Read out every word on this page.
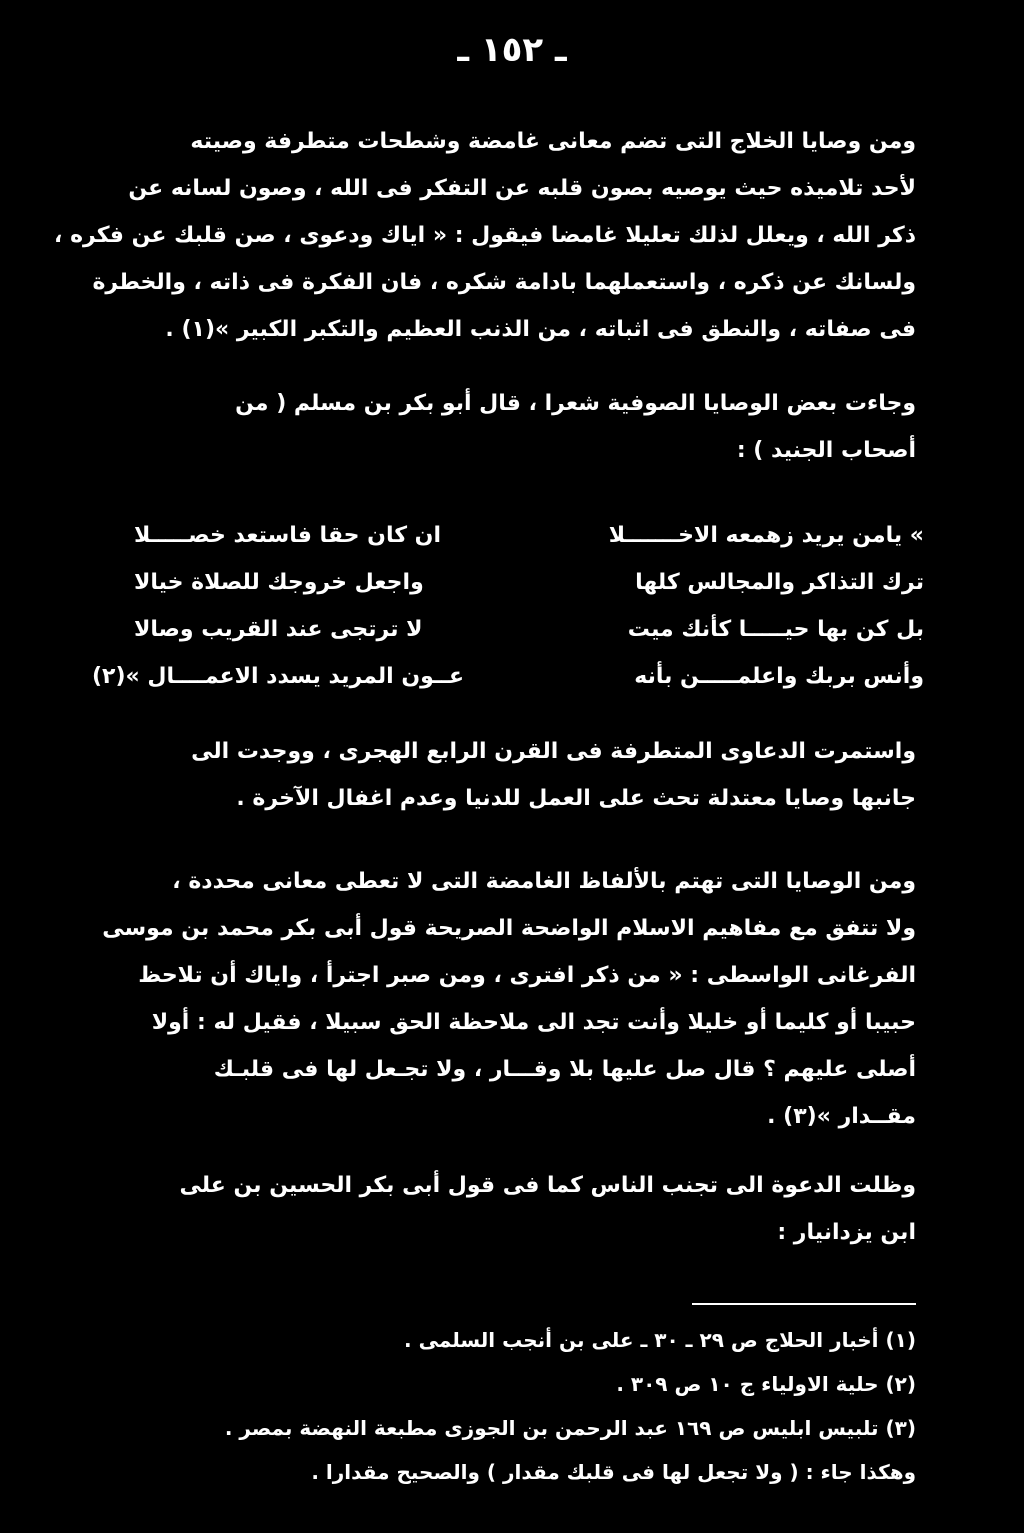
ـ ١٥٢ ـ

ومن وصايا الخلاج التى تضم معانى غامضة وشطحات متطرفة وصيته

لأحد تلاميذه حيث يوصيه بصون قلبه عن التفكر فى الله ، وصون لسانه عن

ذكر الله ، ويعلل لذلك تعليلا غامضا فيقول : « اياك ودعوى ، صن قلبك عن فكره ،

ولسانك عن ذكره ، واستعملهما بادامة شكره ، فان الفكرة فى ذاته ، والخطرة

فى صفاته ، والنطق فى اثباته ، من الذنب العظيم والتكبر الكبير »(١) .

وجاءت بعض الوصايا الصوفية شعرا ، قال أبو بكر بن مسلم ( من

أصحاب الجنيد ) :

» يامن يريد زهمعه الاخـــــــلا
ان كان حقا فاستعد خصـــــلا
ترك التذاكر والمجالس كلها
واجعل خروجك للصلاة خيالا
بل كن بها حيـــــا كأنك ميت
لا ترتجى عند القريب وصالا
وأنس بربك واعلمـــــن بأنه
عــون المريد يسدد الاعمــــال »(٢)

واستمرت الدعاوى المتطرفة فى القرن الرابع الهجرى ، ووجدت الى

جانبها وصايا معتدلة تحث على العمل للدنيا وعدم اغفال الآخرة .

ومن الوصايا التى تهتم بالألفاظ الغامضة التى لا تعطى معانى محددة ،

ولا تتفق مع مفاهيم الاسلام الواضحة الصريحة قول أبى بكر محمد بن موسى

الفرغانى الواسطى : « من ذكر افترى ، ومن صبر اجترأ ، واياك أن تلاحظ

حبيبا أو كليما أو خليلا وأنت تجد الى ملاحظة الحق سبيلا ، فقيل له : أولا

أصلى عليهم ؟ قال صل عليها بلا وقـــار ، ولا تجـعل لها فى قلبـك

مقــدار »(٣) .

وظلت الدعوة الى تجنب الناس كما فى قول أبى بكر الحسين بن على

ابن يزدانيار :

(١) أخبار الحلاج ص ٢٩ ـ ٣٠ ـ على بن أنجب السلمى .

(٢) حلية الاولياء ج ١٠ ص ٣٠٩ .

(٣) تلبيس ابليس ص ١٦٩ عبد الرحمن بن الجوزى مطبعة النهضة بمصر .

وهكذا جاء : ( ولا تجعل لها فى قلبك مقدار ) والصحيح مقدارا .
